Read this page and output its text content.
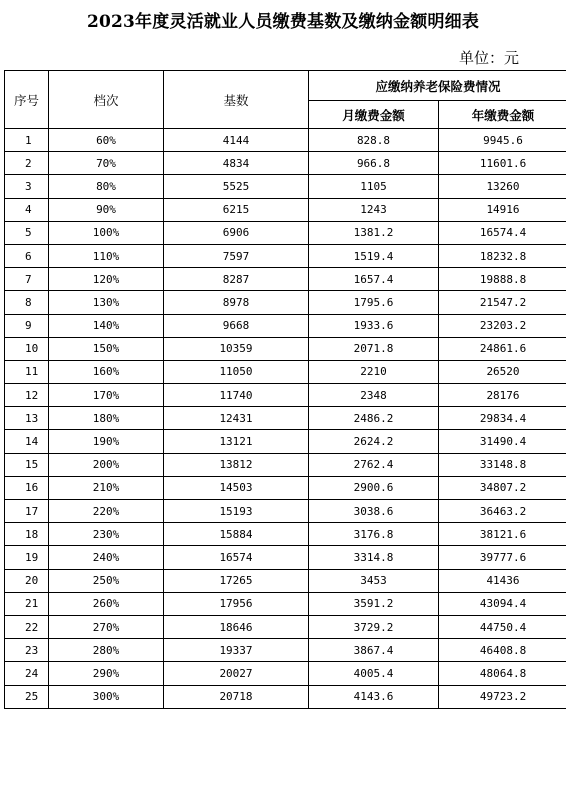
2023年度灵活就业人员缴费基数及缴纳金额明细表
单位：元
序号	档次	基数	应缴纳养老保险费情况	
			月缴费金额	年缴费金额
1	60%	4144	828.8	9945.6
2	70%	4834	966.8	11601.6
3	80%	5525	1105	13260
4	90%	6215	1243	14916
5	100%	6906	1381.2	16574.4
6	110%	7597	1519.4	18232.8
7	120%	8287	1657.4	19888.8
8	130%	8978	1795.6	21547.2
9	140%	9668	1933.6	23203.2
10	150%	10359	2071.8	24861.6
11	160%	11050	2210	26520
12	170%	11740	2348	28176
13	180%	12431	2486.2	29834.4
14	190%	13121	2624.2	31490.4
15	200%	13812	2762.4	33148.8
16	210%	14503	2900.6	34807.2
17	220%	15193	3038.6	36463.2
18	230%	15884	3176.8	38121.6
19	240%	16574	3314.8	39777.6
20	250%	17265	3453	41436
21	260%	17956	3591.2	43094.4
22	270%	18646	3729.2	44750.4
23	280%	19337	3867.4	46408.8
24	290%	20027	4005.4	48064.8
25	300%	20718	4143.6	49723.2
